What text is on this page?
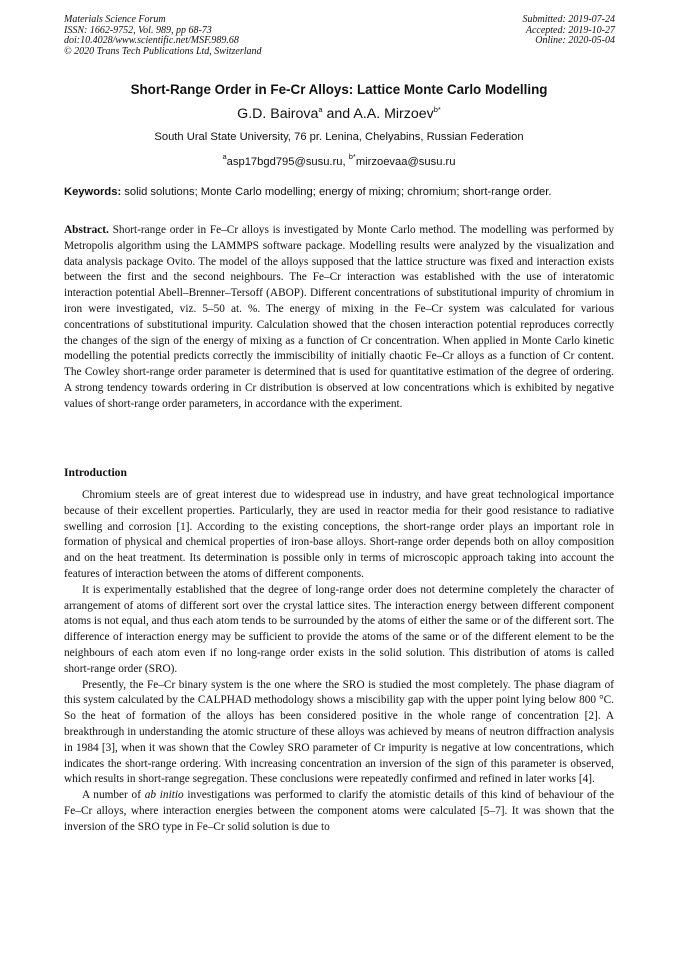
Materials Science Forum
ISSN: 1662-9752, Vol. 989, pp 68-73
doi:10.4028/www.scientific.net/MSF.989.68
© 2020 Trans Tech Publications Ltd, Switzerland
Submitted: 2019-07-24
Accepted: 2019-10-27
Online: 2020-05-04
Short-Range Order in Fe-Cr Alloys: Lattice Monte Carlo Modelling
G.D. Bairova$^a$ and A.A. Mirzoev$^{b*}$
South Ural State University, 76 pr. Lenina, Chelyabins, Russian Federation
$^a$asp17bgd795@susu.ru, $^{b*}$mirzoevaa@susu.ru
Keywords: solid solutions; Monte Carlo modelling; energy of mixing; chromium; short-range order.
Abstract. Short-range order in Fe–Cr alloys is investigated by Monte Carlo method. The modelling was performed by Metropolis algorithm using the LAMMPS software package. Modelling results were analyzed by the visualization and data analysis package Ovito. The model of the alloys supposed that the lattice structure was fixed and interaction exists between the first and the second neighbours. The Fe–Cr interaction was established with the use of interatomic interaction potential Abell–Brenner–Tersoff (ABOP). Different concentrations of substitutional impurity of chromium in iron were investigated, viz. 5–50 at. %. The energy of mixing in the Fe–Cr system was calculated for various concentrations of substitutional impurity. Calculation showed that the chosen interaction potential reproduces correctly the changes of the sign of the energy of mixing as a function of Cr concentration. When applied in Monte Carlo kinetic modelling the potential predicts correctly the immiscibility of initially chaotic Fe–Cr alloys as a function of Cr content. The Cowley short-range order parameter is determined that is used for quantitative estimation of the degree of ordering. A strong tendency towards ordering in Cr distribution is observed at low concentrations which is exhibited by negative values of short-range order parameters, in accordance with the experiment.
Introduction

Chromium steels are of great interest due to widespread use in industry, and have great technological importance because of their excellent properties. Particularly, they are used in reactor media for their good resistance to radiative swelling and corrosion [1]. According to the existing conceptions, the short-range order plays an important role in formation of physical and chemical properties of iron-base alloys. Short-range order depends both on alloy composition and on the heat treatment. Its determination is possible only in terms of microscopic approach taking into account the features of interaction between the atoms of different components.

It is experimentally established that the degree of long-range order does not determine completely the character of arrangement of atoms of different sort over the crystal lattice sites. The interaction energy between different component atoms is not equal, and thus each atom tends to be surrounded by the atoms of either the same or of the different sort. The difference of interaction energy may be sufficient to provide the atoms of the same or of the different element to be the neighbours of each atom even if no long-range order exists in the solid solution. This distribution of atoms is called short-range order (SRO).

Presently, the Fe–Cr binary system is the one where the SRO is studied the most completely. The phase diagram of this system calculated by the CALPHAD methodology shows a miscibility gap with the upper point lying below 800 °C. So the heat of formation of the alloys has been considered positive in the whole range of concentration [2]. A breakthrough in understanding the atomic structure of these alloys was achieved by means of neutron diffraction analysis in 1984 [3], when it was shown that the Cowley SRO parameter of Cr impurity is negative at low concentrations, which indicates the short-range ordering. With increasing concentration an inversion of the sign of this parameter is observed, which results in short-range segregation. These conclusions were repeatedly confirmed and refined in later works [4].

A number of ab initio investigations was performed to clarify the atomistic details of this kind of behaviour of the Fe–Cr alloys, where interaction energies between the component atoms were calculated [5–7]. It was shown that the inversion of the SRO type in Fe–Cr solid solution is due to
